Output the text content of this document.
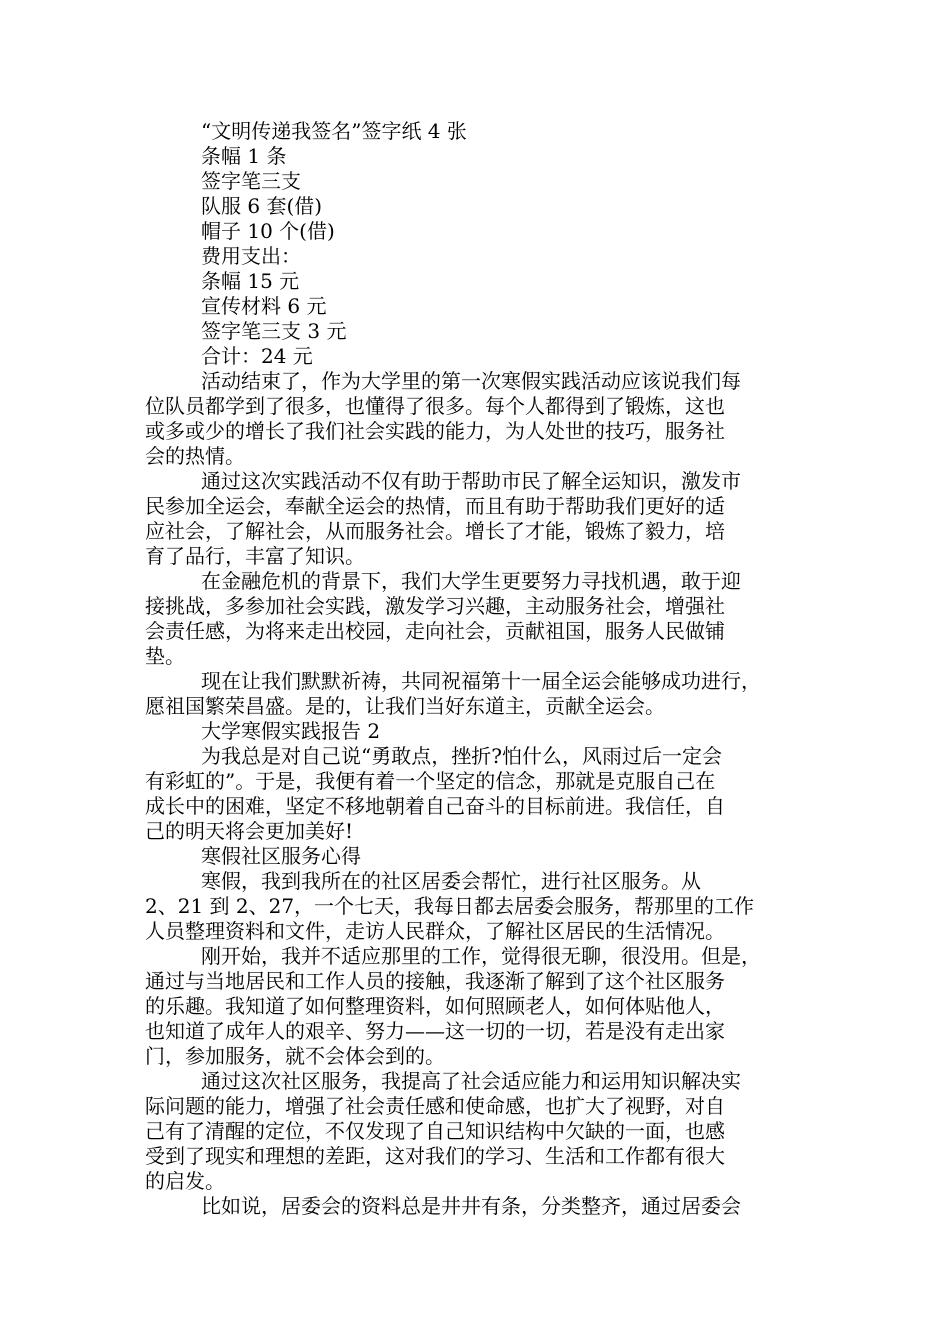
“文明传递我签名”签字纸 4 张
条幅 1 条
签字笔三支
队服 6 套(借)
帽子 10 个(借)
费用支出：
条幅 15 元
宣传材料 6 元
签字笔三支 3 元
合计：24 元
活动结束了，作为大学里的第一次寒假实践活动应该说我们每
位队员都学到了很多，也懂得了很多。每个人都得到了锻炼，这也
或多或少的增长了我们社会实践的能力，为人处世的技巧，服务社
会的热情。
通过这次实践活动不仅有助于帮助市民了解全运知识，激发市
民参加全运会，奉献全运会的热情，而且有助于帮助我们更好的适
应社会，了解社会，从而服务社会。增长了才能，锻炼了毅力，培
育了品行，丰富了知识。
在金融危机的背景下，我们大学生更要努力寻找机遇，敢于迎
接挑战，多参加社会实践，激发学习兴趣，主动服务社会，增强社
会责任感，为将来走出校园，走向社会，贡献祖国，服务人民做铺
垫。
现在让我们默默祈祷，共同祝福第十一届全运会能够成功进行，
愿祖国繁荣昌盛。是的，让我们当好东道主，贡献全运会。
大学寒假实践报告 2
为我总是对自己说“勇敢点，挫折?怕什么，风雨过后一定会
有彩虹的”。于是，我便有着一个坚定的信念，那就是克服自己在
成长中的困难，坚定不移地朝着自己奋斗的目标前进。我信任，自
己的明天将会更加美好!
寒假社区服务心得
寒假，我到我所在的社区居委会帮忙，进行社区服务。从
2、21 到 2、27，一个七天，我每日都去居委会服务，帮那里的工作
人员整理资料和文件，走访人民群众，了解社区居民的生活情况。
刚开始，我并不适应那里的工作，觉得很无聊，很没用。但是，
通过与当地居民和工作人员的接触，我逐渐了解到了这个社区服务
的乐趣。我知道了如何整理资料，如何照顾老人，如何体贴他人，
也知道了成年人的艰辛、努力——这一切的一切，若是没有走出家
门，参加服务，就不会体会到的。
通过这次社区服务，我提高了社会适应能力和运用知识解决实
际问题的能力，增强了社会责任感和使命感，也扩大了视野，对自
己有了清醒的定位，不仅发现了自己知识结构中欠缺的一面，也感
受到了现实和理想的差距，这对我们的学习、生活和工作都有很大
的启发。
比如说，居委会的资料总是井井有条，分类整齐，通过居委会
